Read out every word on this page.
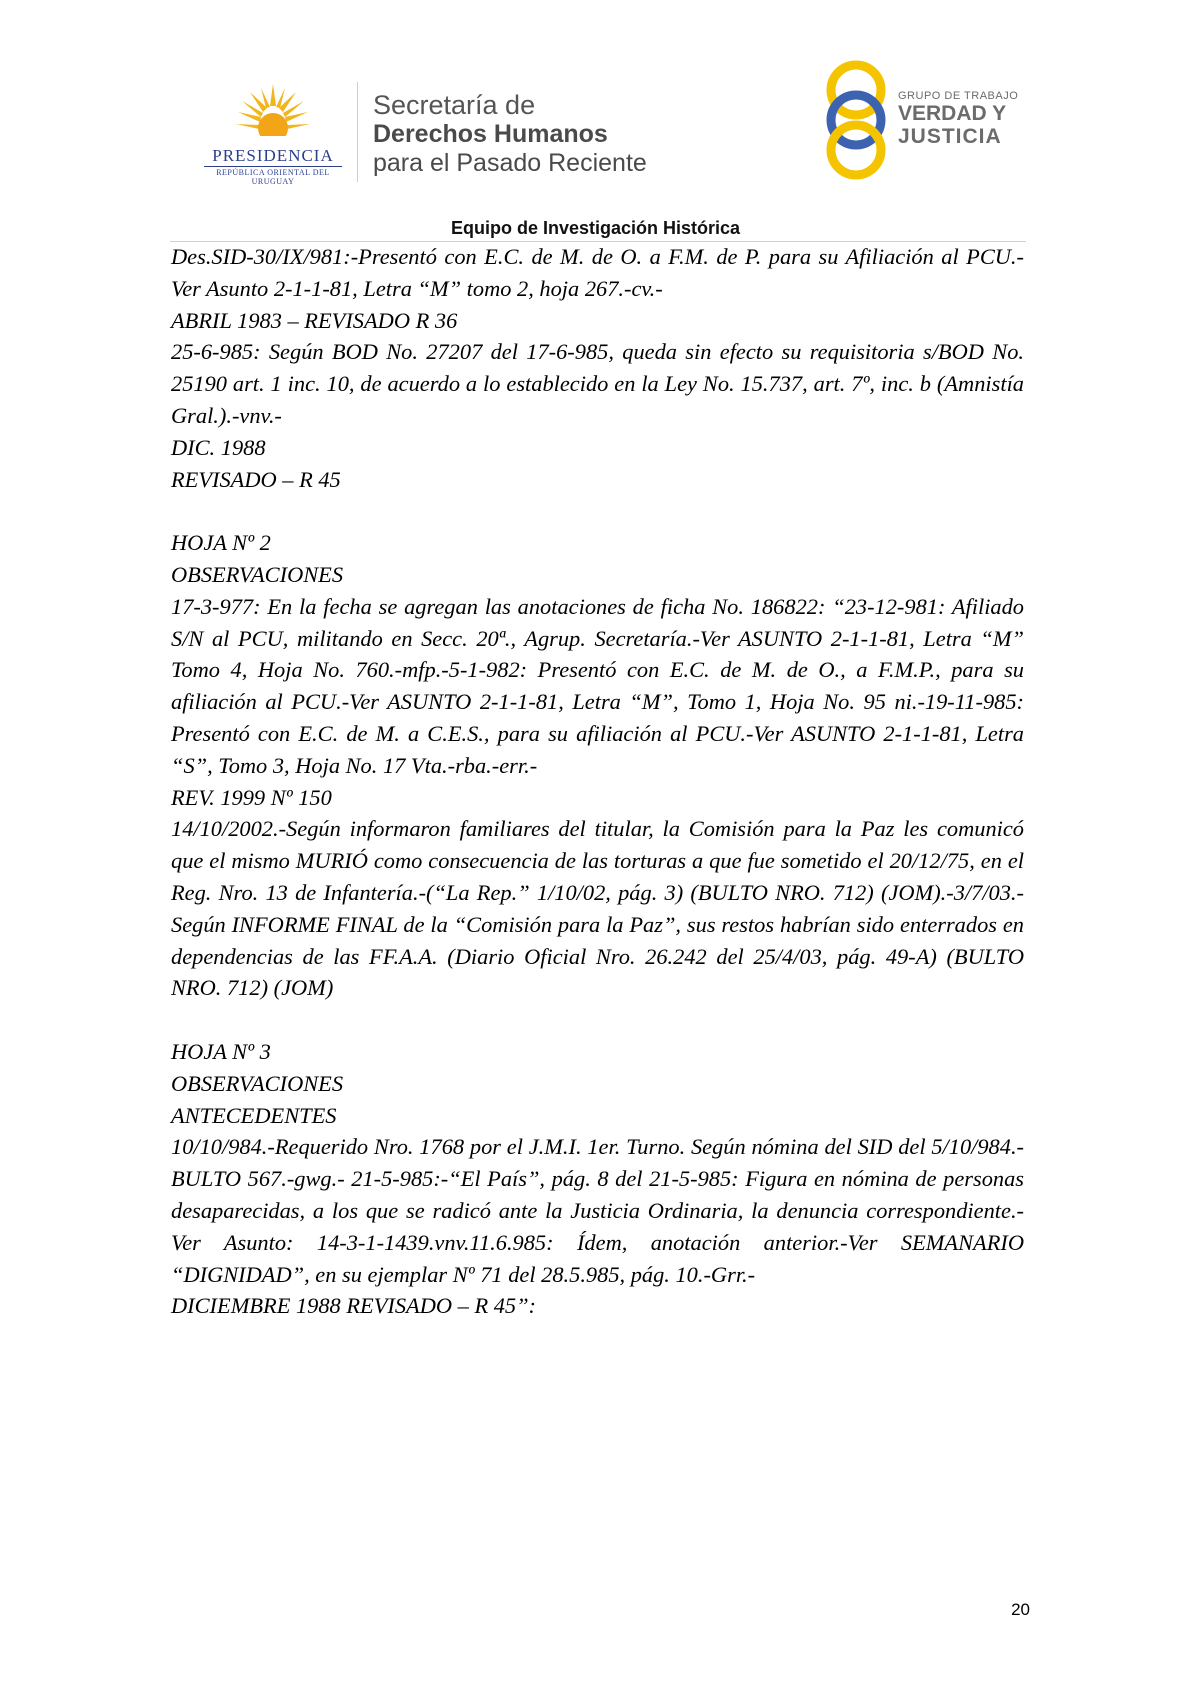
PRESIDENCIA
REPÚBLICA ORIENTAL DEL URUGUAY
Secretaría de
Derechos Humanos
para el Pasado Reciente
GRUPO DE TRABAJO
VERDAD Y
JUSTICIA
Equipo de Investigación Histórica

Des.SID-30/IX/981:-Presentó con E.C. de M. de O. a F.M. de P. para su Afiliación al PCU.-Ver Asunto 2-1-1-81, Letra “M” tomo 2, hoja 267.-cv.-

ABRIL 1983 – REVISADO R 36

25-6-985: Según BOD No. 27207 del 17-6-985, queda sin efecto su requisitoria s/BOD No. 25190 art. 1 inc. 10, de acuerdo a lo establecido en la Ley No. 15.737, art. 7º, inc. b (Amnistía Gral.).-vnv.-

DIC. 1988

REVISADO – R 45

HOJA Nº 2

OBSERVACIONES

17-3-977: En la fecha se agregan las anotaciones de ficha No. 186822: “23-12-981: Afiliado S/N al PCU, militando en Secc. 20ª., Agrup. Secretaría.-Ver ASUNTO 2-1-1-81, Letra “M” Tomo 4, Hoja No. 760.-mfp.-5-1-982: Presentó con E.C. de M. de O., a F.M.P., para su afiliación al PCU.-Ver ASUNTO 2-1-1-81, Letra “M”, Tomo 1, Hoja No. 95 ni.-19-11-985: Presentó con E.C. de M. a C.E.S., para su afiliación al PCU.-Ver ASUNTO 2-1-1-81, Letra “S”, Tomo 3, Hoja No. 17 Vta.-rba.-err.-

REV. 1999 Nº 150

14/10/2002.-Según informaron familiares del titular, la Comisión para la Paz les comunicó que el mismo MURIÓ como consecuencia de las torturas a que fue sometido el 20/12/75, en el Reg. Nro. 13 de Infantería.-(“La Rep.” 1/10/02, pág. 3) (BULTO NRO. 712) (JOM).-3/7/03.-Según INFORME FINAL de la “Comisión para la Paz”, sus restos habrían sido enterrados en dependencias de las FF.A.A. (Diario Oficial Nro. 26.242 del 25/4/03, pág. 49-A) (BULTO NRO. 712) (JOM)

HOJA Nº 3

OBSERVACIONES

ANTECEDENTES

10/10/984.-Requerido Nro. 1768 por el J.M.I. 1er. Turno. Según nómina del SID del 5/10/984.- BULTO 567.-gwg.- 21-5-985:-“El País”, pág. 8 del 21-5-985: Figura en nómina de personas desaparecidas, a los que se radicó ante la Justicia Ordinaria, la denuncia correspondiente.-Ver Asunto: 14-3-1-1439.vnv.11.6.985: Ídem, anotación anterior.-Ver SEMANARIO “DIGNIDAD”, en su ejemplar Nº 71 del 28.5.985, pág. 10.-Grr.-

DICIEMBRE 1988 REVISADO – R 45”:

20
